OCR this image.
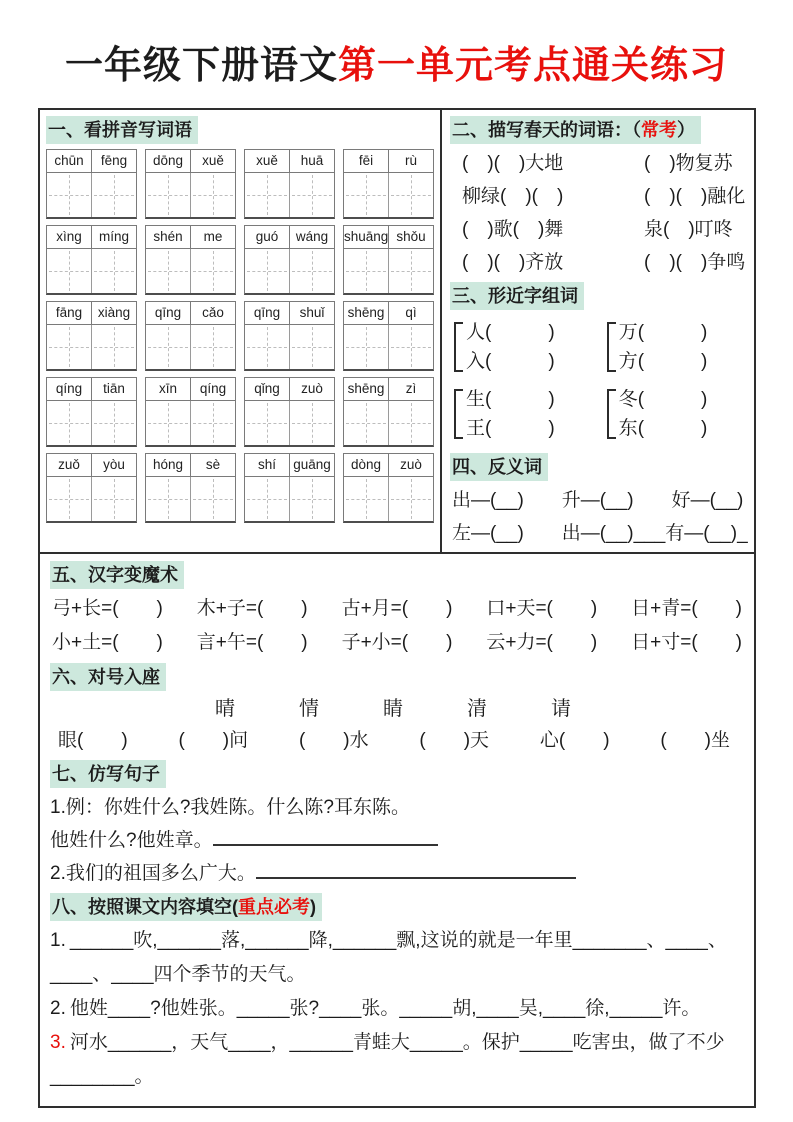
一年级下册语文第一单元考点通关练习
一、看拼音写词语
chūn	fēng	dōng	xuě	xuě	huā	fēi	rù
xìng	míng	shén	me	guó	wáng	shuāng shǒu
fāng	xiàng	qīng	cǎo	qīng	shuǐ	shēng	qì
qíng	tiān	xīn	qíng	qǐng	zuò	shēng	zì
zuǒ	yòu	hóng	sè	shí	guāng	dòng	zuò
二、描写春天的词语：（常考）
(　)(　)大地	(　)物复苏
柳绿(　)(　)	(　)(　)融化
(　)歌(　)舞	泉(　)叮咚
(　)(　)齐放	(　)(　)争鸣
三、形近字组词
人(　　　)
入(　　　)
万(　　　)
方(　　　)
生(　　　)
王(　　　)
冬(　　　)
东(　　　)
四、反义词
出—(__)　　升—(__)　　好—(__)
左—(__)　　出—(__)___有—(__)_
五、汉字变魔术
弓+长=(　　) 木+子=(　　) 古+月=(　　) 口+天=(　　) 日+青=(　　)
小+土=(　　) 言+午=(　　) 子+小=(　　) 云+力=(　　) 日+寸=(　　)
六、对号入座
晴	情	睛	清	请
眼(　　)	(　　)问	(　　)水	(　　)天	心(　　)	(　　)坐
七、仿写句子
1.例：你姓什么?我姓陈。什么陈?耳东陈。
他姓什么?他姓章。
2.我们的祖国多么广大。
八、按照课文内容填空(重点必考)
1. ______吹,______落,______降,______飘,这说的就是一年里_______、____、____、____四个季节的天气。
2. 他姓____?他姓张。_____张?____张。_____胡,____吴,____徐,_____许。
3. 河水______，天气____，______青蛙大_____。保护_____吃害虫，做了不少________。
